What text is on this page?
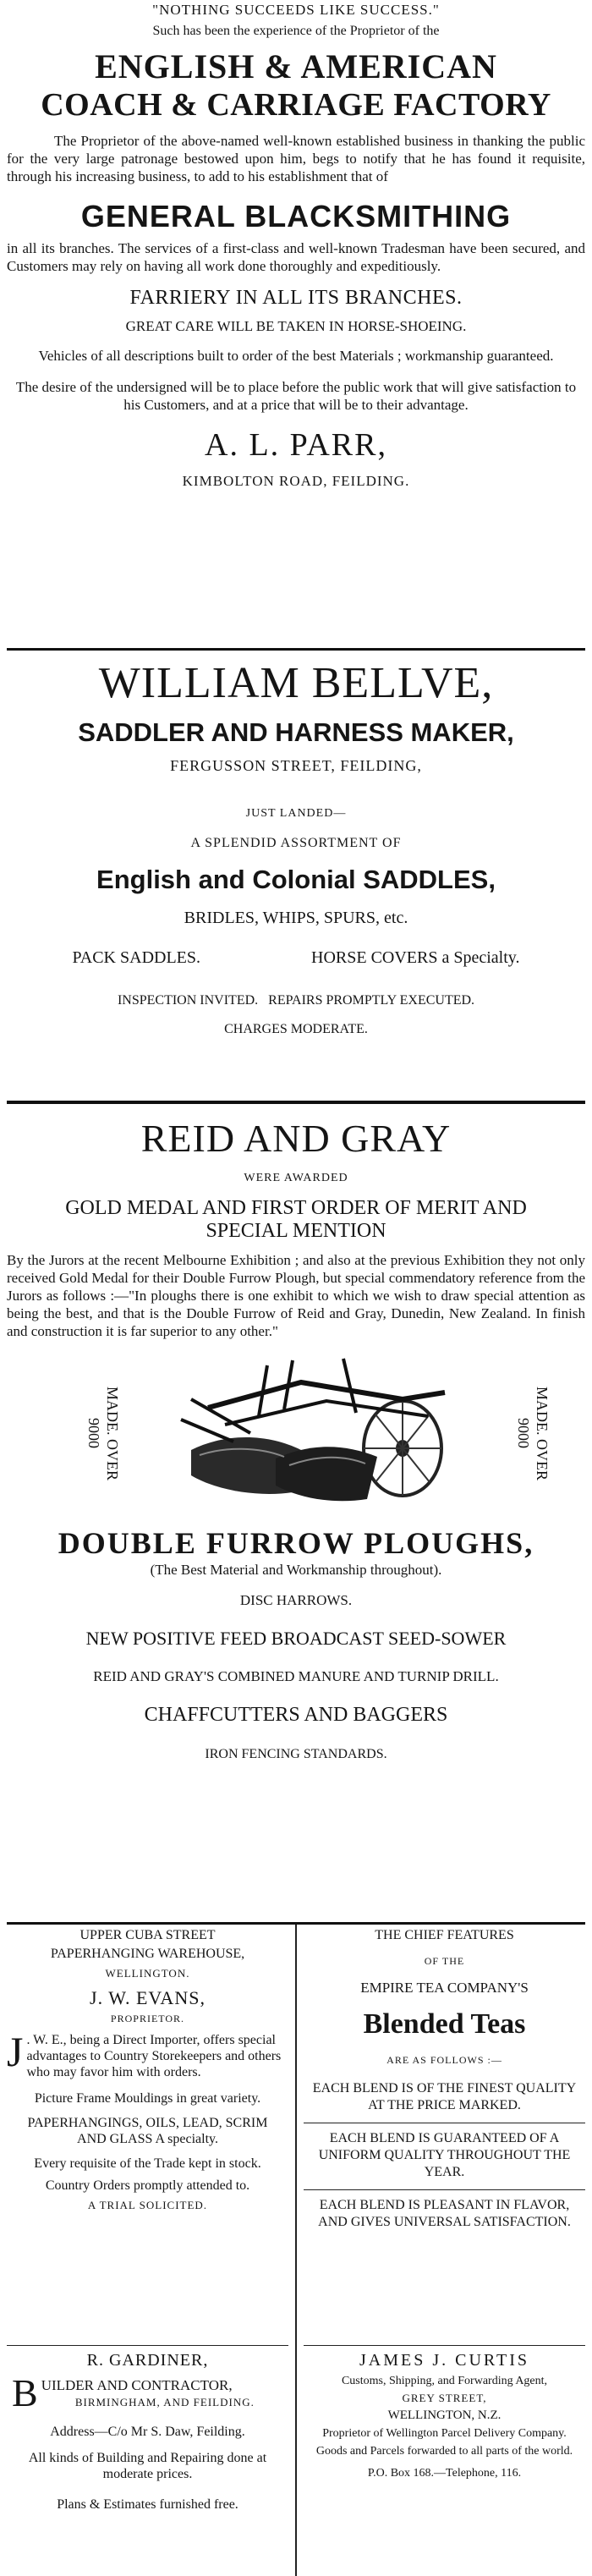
"NOTHING SUCCEEDS LIKE SUCCESS."

Such has been the experience of the Proprietor of the

ENGLISH & AMERICAN

COACH & CARRIAGE FACTORY

The Proprietor of the above-named well-known established business in thanking the public for the very large patronage bestowed upon him, begs to notify that he has found it requisite, through his increasing business, to add to his establishment that of

GENERAL BLACKSMITHING

in all its branches. The services of a first-class and well-known Tradesman have been secured, and Customers may rely on having all work done thoroughly and expeditiously.

FARRIERY IN ALL ITS BRANCHES.

GREAT CARE WILL BE TAKEN IN HORSE-SHOEING.

Vehicles of all descriptions built to order of the best Materials ; workmanship guaranteed.

The desire of the undersigned will be to place before the public work that will give satisfaction to his Customers, and at a price that will be to their advantage.

A. L. PARR,

KIMBOLTON ROAD, FEILDING.

WILLIAM BELLVE,

SADDLER AND HARNESS MAKER,

FERGUSSON STREET, FEILDING,

JUST LANDED—

A SPLENDID ASSORTMENT OF

English and Colonial SADDLES,

BRIDLES, WHIPS, SPURS, etc.

PACK SADDLES.	HORSE COVERS a Specialty.

INSPECTION INVITED.   REPAIRS PROMPTLY EXECUTED.

CHARGES MODERATE.

REID AND GRAY

WERE AWARDED

GOLD MEDAL AND FIRST ORDER OF MERIT AND SPECIAL MENTION

By the Jurors at the recent Melbourne Exhibition ; and also at the previous Exhibition they not only received Gold Medal for their Double Furrow Plough, but special commendatory reference from the Jurors as follows :—"In ploughs there is one exhibit to which we wish to draw special attention as being the best, and that is the Double Furrow of Reid and Gray, Dunedin, New Zealand. In finish and construction it is far superior to any other."

MADE. OVER 9000	MADE. OVER 9000

DOUBLE FURROW PLOUGHS,

(The Best Material and Workmanship throughout).

DISC HARROWS.

NEW POSITIVE FEED BROADCAST SEED-SOWER

REID AND GRAY'S COMBINED MANURE AND TURNIP DRILL.

CHAFFCUTTERS AND BAGGERS

IRON FENCING STANDARDS.

UPPER CUBA STREET

PAPERHANGING WAREHOUSE,

WELLINGTON.

J. W. EVANS,

PROPRIETOR.

J . W. E., being a Direct Importer, offers special advantages to Country Storekeepers and others who may favor him with orders.

Picture Frame Mouldings in great variety.

PAPERHANGINGS, OILS, LEAD, SCRIM AND GLASS A specialty.

Every requisite of the Trade kept in stock.

Country Orders promptly attended to.

A TRIAL SOLICITED.

R. GARDINER,

B UILDER AND CONTRACTOR,
BIRMINGHAM, AND FEILDING.

Address—C/o Mr S. Daw, Feilding.

All kinds of Building and Repairing done at moderate prices.

Plans & Estimates furnished free.

THE CHIEF FEATURES

OF THE

EMPIRE TEA COMPANY'S

Blended Teas

ARE AS FOLLOWS :—

EACH BLEND IS OF THE FINEST QUALITY AT THE PRICE MARKED.

EACH BLEND IS GUARANTEED OF A UNIFORM QUALITY THROUGHOUT THE YEAR.

EACH BLEND IS PLEASANT IN FLAVOR, AND GIVES UNIVERSAL SATISFACTION.

JAMES J. CURTIS

Customs, Shipping, and Forwarding Agent,

GREY STREET,

WELLINGTON, N.Z.

Proprietor of Wellington Parcel Delivery Company.

Goods and Parcels forwarded to all parts of the world.

P.O. Box 168.—Telephone, 116.
